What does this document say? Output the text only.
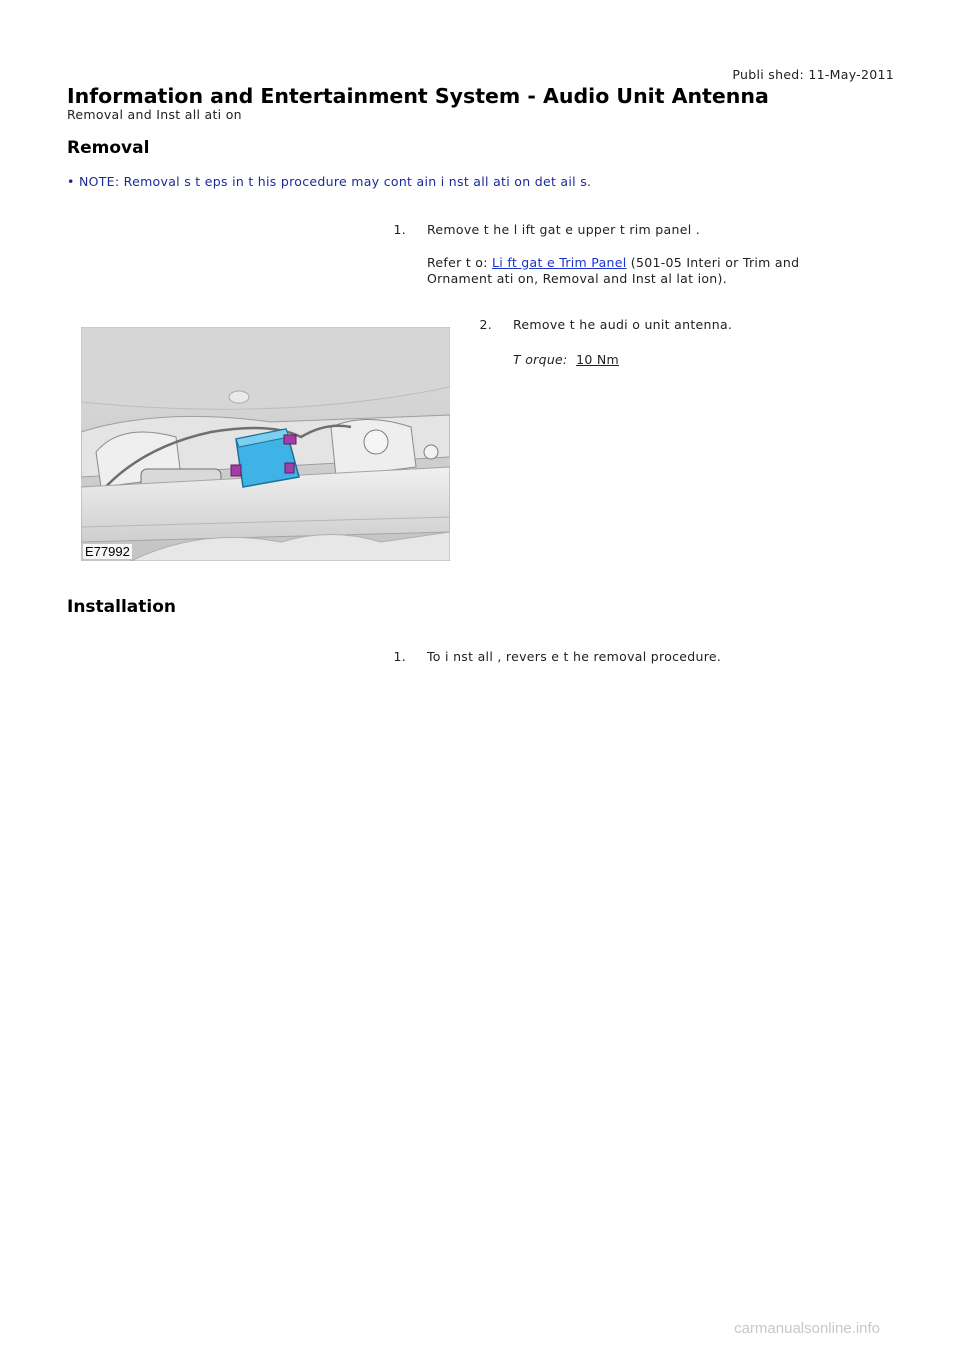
Publi shed: 11-May-2011
Information and Entertainment System - Audio Unit Antenna
Removal and Inst all ati on
Removal
• NOTE: Removal s t eps in t his procedure may cont ain i nst all ati on det ail s.
1. Remove t he l ift gat e upper t rim panel .
Refer t o: Li ft gat e Trim Panel (501-05 Interi or Trim and
Ornament ati on, Removal and Inst al lat ion).
2. Remove t he audi o unit antenna.
T orque: 10 Nm
E77992
Installation
1. To i nst all , revers e t he removal procedure.
carmanualsonline.info
